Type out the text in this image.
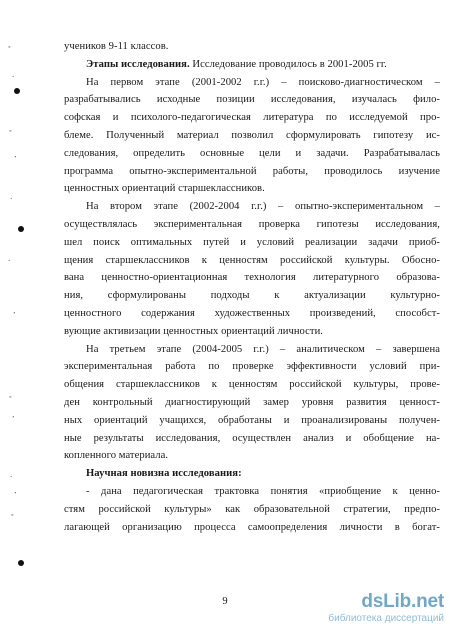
◦
·
◦
‚
·
·
‚
◦
‚
·
‚
◦
учеников 9-11 классов.
Этапы исследования. Исследование проводилось в 2001-2005 гг.
На первом этапе (2001-2002 г.г.) – поисково-диагностическом –
разрабатывались исходные позиции исследования, изучалась фило-
софская и психолого-педагогическая литература по исследуемой про-
блеме. Полученный материал позволил сформулировать гипотезу ис-
следования, определить основные цели и задачи. Разрабатывалась
программа опытно-экспериментальной работы, проводилось изучение
ценностных ориентаций старшеклассников.
На втором этапе (2002-2004 г.г.) – опытно-экспериментальном –
осуществлялась экспериментальная проверка гипотезы исследования,
шел поиск оптимальных путей и условий реализации задачи приоб-
щения старшеклассников к ценностям российской культуры. Обосно-
вана ценностно-ориентационная технология литературного образова-
ния, сформулированы подходы к актуализации культурно-
ценностного содержания художественных произведений, способст-
вующие активизации ценностных ориентаций личности.
На третьем этапе (2004-2005 г.г.) – аналитическом – завершена
экспериментальная работа по проверке эффективности условий при-
общения старшеклассников к ценностям российской культуры, прове-
ден контрольный диагностирующий замер уровня развития ценност-
ных ориентаций учащихся, обработаны и проанализированы получен-
ные результаты исследования, осуществлен анализ и обобщение на-
копленного материала.
Научная новизна исследования:
- дана педагогическая трактовка понятия «приобщение к ценно-
стям российской культуры» как образовательной стратегии, предпо-
лагающей организацию процесса самоопределения личности в богат-
9	dsLib.net
библиотека диссертаций
